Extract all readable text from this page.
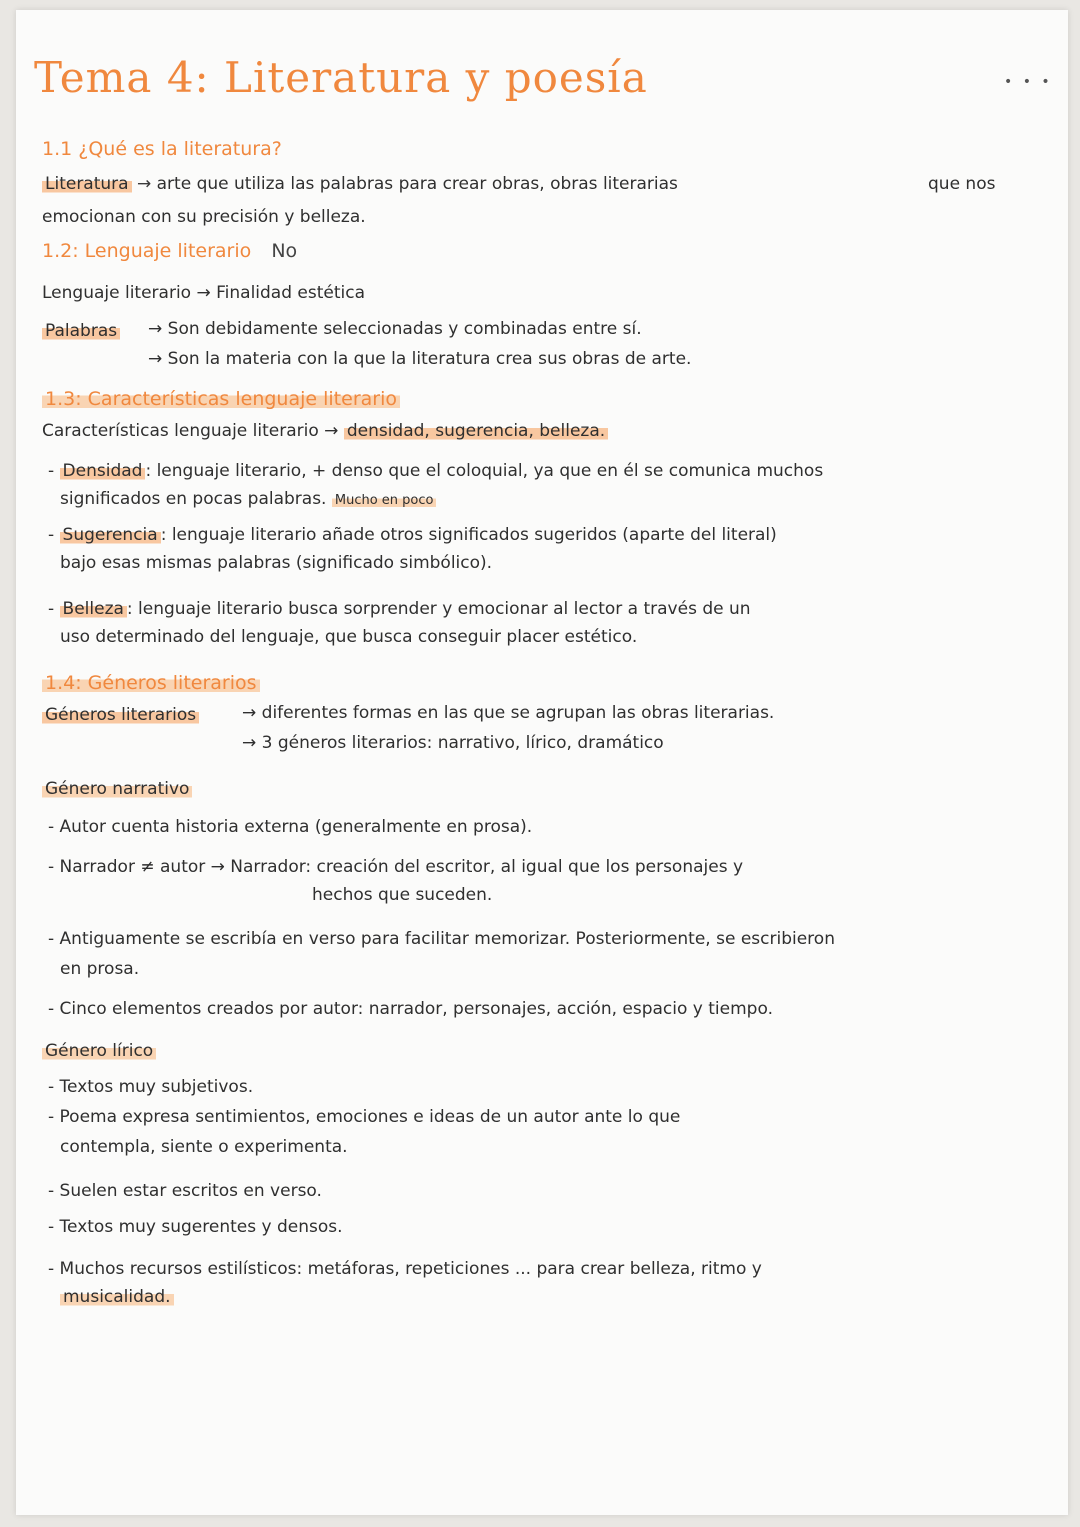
• • •
Tema 4: Literatura y poesía
1.1 ¿Qué es la literatura?
Literatura → arte que utiliza las palabras para crear obras, obras literarias	que nos
emocionan con su precisión y belleza.
1.2: Lenguaje literario No
Lenguaje literario → Finalidad estética
Palabras → Son debidamente seleccionadas y combinadas entre sí.
→ Son la materia con la que la literatura crea sus obras de arte.
1.3: Características lenguaje literario
Características lenguaje literario → densidad, sugerencia, belleza.
- Densidad : lenguaje literario, + denso que el coloquial, ya que en él se comunica muchos
significados en pocas palabras. Mucho en poco
- Sugerencia : lenguaje literario añade otros significados sugeridos (aparte del literal)
bajo esas mismas palabras (significado simbólico).
- Belleza : lenguaje literario busca sorprender y emocionar al lector a través de un
uso determinado del lenguaje, que busca conseguir placer estético.
1.4: Géneros literarios
Géneros literarios	→ diferentes formas en las que se agrupan las obras literarias.
→ 3 géneros literarios: narrativo, lírico, dramático
Género narrativo
- Autor cuenta historia externa (generalmente en prosa).
- Narrador ≠ autor → Narrador: creación del escritor, al igual que los personajes y
hechos que suceden.
- Antiguamente se escribía en verso para facilitar memorizar. Posteriormente, se escribieron
en prosa.
- Cinco elementos creados por autor: narrador, personajes, acción, espacio y tiempo.
Género lírico
- Textos muy subjetivos.
- Poema expresa sentimientos, emociones e ideas de un autor ante lo que
contempla, siente o experimenta.
- Suelen estar escritos en verso.
- Textos muy sugerentes y densos.
- Muchos recursos estilísticos: metáforas, repeticiones ... para crear belleza, ritmo y
musicalidad.
